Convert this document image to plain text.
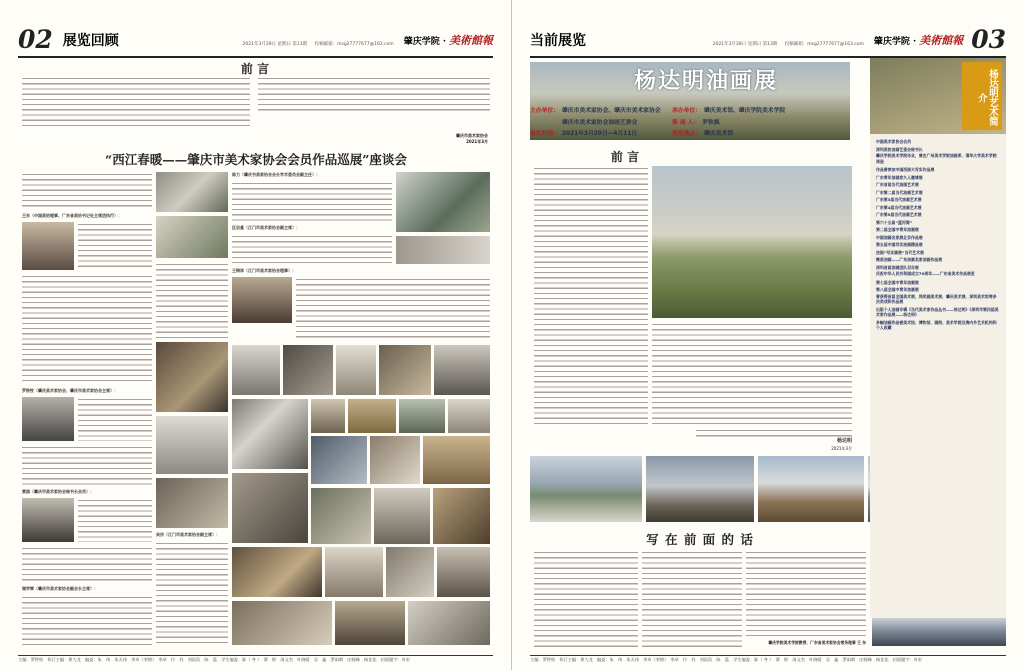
02 展览回顾	2021年3月28日 星期日 第13期 投稿邮箱：msg27777677@163.com 肇庆学院 · 美術館報
前 言
肇庆市美术家协会
2021年3月
“西江春暖——肇庆市美术家协会会员作品巡展”座谈会
王东（中国美协理事、广东省美协书记处主席团执行）：
罗铁牧（肇庆美术家协会、肇庆市美术家协会主席）：
黄国（肇庆市美术家协会秘书长会员）：
谢学辉（肇庆市美术家协会副会长主席）：
吴宗（江门市美术家协会副主席）：
陈力（肇庆书美家协会会长学术委员会副主任）：
区启基（江门市美术家协会副主席）：
王锦祥（江门市美术家协会理事）：
主编：罗铁牧　执行主编：黄大龙　编委：朱　伟　朱天伟　李卓（李锦）　李卓　付　苏　刘国浩　陈　蓝　学生编委：陈（ 冬 ）　谭　婷　汤文杰　叶晓晴　吴　鑫　罗雨晴　庄晓峰　杨佳佳　封面题字：叶宏
当前展览	2021年3月28日 星期日 第13期 投稿邮箱：msg27777677@163.com 肇庆学院 · 美術館報 03
杨达明油画展
主办单位： 肇庆市美术家协会、肇庆市美术家协会	承办单位： 肇庆美术馆、肇庆学院美术学院
肇庆市美术家协会油画艺委会	策 展 人： 罗铁枫
展览时间： 2021年3月20日—4月11日	展览地点： 肇庆美术馆
前 言
杨达明
2021年3月
写 在 前 面 的 话
肇庆学院美术学院教授、广东省美术家协会常务理事 王 东
杨达明艺术简介
中国美术家协会会员
深圳美协油画艺委会秘书长
肇庆学院美术学院毕业，曾在广州美术学院油画系、清华大学美术学院深造
作品曾参加中国西部大写实作品展
广东青年油画家九人邀请展
广东首届当代油画艺术展
广东第二届当代油画艺术展
广东第3届当代油画艺术展
广东第4届当代油画艺术展
广东第5届当代油画艺术展
第六十五届“蓝河湾”
第二届全国中青年油画展
中国油画名家展北京作品展
第五届中国写实油画精品展
法国“写实画展”当代艺术展
微美油画——广东油画名家油画作品展
深圳首届油画团队双年展
庆祝中华人民共和国成立70周年——广东省美术作品展览
第七届全国中青年油画展
第八届全国中青年油画展
曾获得首届全国美术展、同奖画美术展、肇庆美术展、深圳美术馆等多次奖项和作品展
出版个人油画专辑《当代美术家作品丛书——杨达明》《深圳市第四届美术家作品展——杨达明》
多幅油画作品被美术馆、博物馆、画院、美术学院及海内外艺术机构和个人收藏
主编：罗铁牧　执行主编：黄大龙　编委：朱　伟　朱天伟　李卓（李锦）　李卓　付　苏　刘国浩　陈　蓝　学生编委：陈（ 冬 ）　谭　婷　汤文杰　叶晓晴　吴　鑫　罗雨晴　庄晓峰　杨佳佳　封面题字：叶宏
